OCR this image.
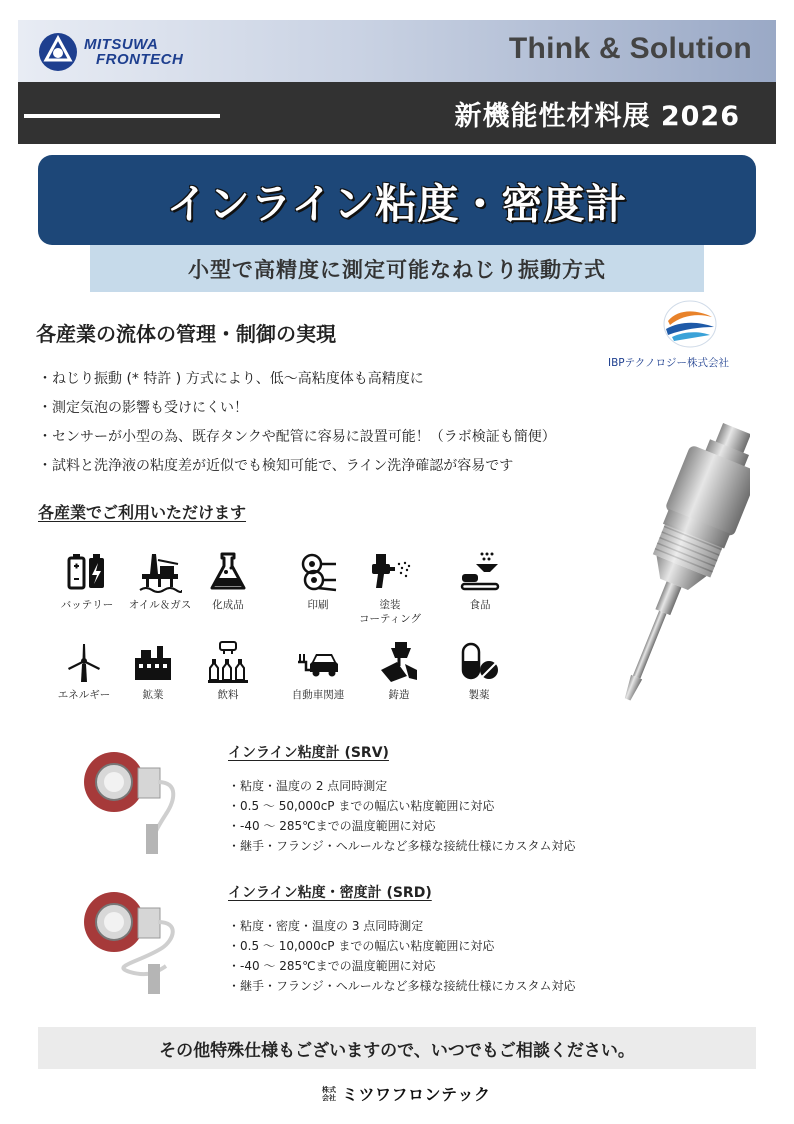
MITSUWA
FRONTECH	Think & Solution
新機能性材料展 2026
インライン粘度・密度計
小型で高精度に測定可能なねじり振動方式
IBPテクノロジー株式会社
各産業の流体の管理・制御の実現
・ねじり振動 (* 特許 ) 方式により、低～高粘度体も高精度に
・測定気泡の影響も受けにくい！
・センサーが小型の為、既存タンクや配管に容易に設置可能！（ラボ検証も簡便）
・試料と洗浄液の粘度差が近似でも検知可能で、ライン洗浄確認が容易です
各産業でご利用いただけます
バッテリー	オイル＆ガス	化成品	印刷	塗装
コーティング
食品
エネルギー	鉱業	飲料	自動車関連	鋳造	製薬
インライン粘度計 (SRV)
・粘度・温度の 2 点同時測定
・0.5 ～ 50,000cP までの幅広い粘度範囲に対応
・-40 ～ 285℃までの温度範囲に対応
・継手・フランジ・ヘルールなど多様な接続仕様にカスタム対応
インライン粘度・密度計 (SRD)
・粘度・密度・温度の 3 点同時測定
・0.5 ～ 10,000cP までの幅広い粘度範囲に対応
・-40 ～ 285℃までの温度範囲に対応
・継手・フランジ・ヘルールなど多様な接続仕様にカスタム対応
その他特殊仕様もございますので、いつでもご相談ください。
株式
会社 ミツワフロンテック
